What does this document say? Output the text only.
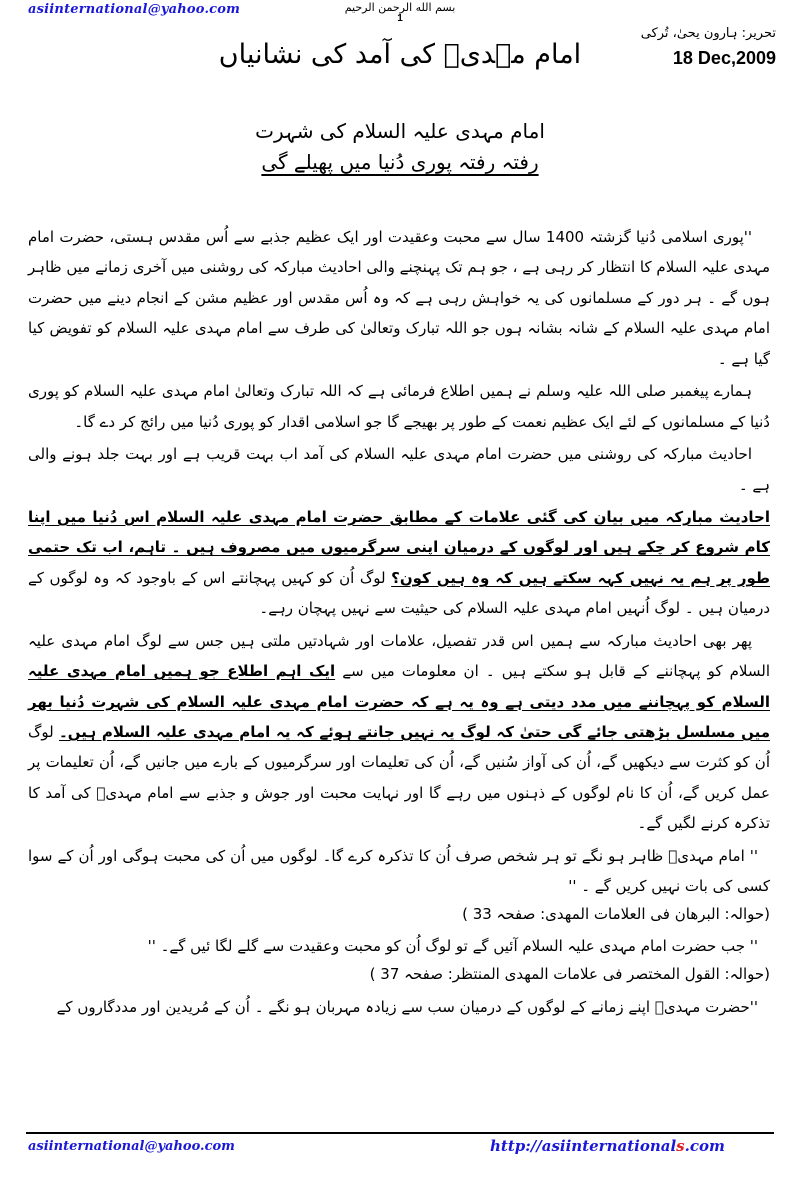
asiinternational@yahoo.com	بسم الله الرحمن الرحيم
1
تحریر: ہارون یحیٰ، تُرکی
18 Dec,2009
امام مہدیؑ کی آمد کی نشانیاں
امام مہدی علیہ السلام کی شہرت
رفتہ رفتہ پوری دُنیا میں پھیلے گی

''پوری اسلامی دُنیا گزشتہ 1400 سال سے محبت وعقیدت اور ایک عظیم جذبے سے اُس مقدس ہستی، حضرت امام مہدی علیہ السلام کا انتظار کر رہی ہے ، جو ہم تک پہنچنے والی احادیث مبارکہ کی روشنی میں آخری زمانے میں ظاہر ہوں گے ۔ ہر دور کے مسلمانوں کی یہ خواہش رہی ہے کہ وہ اُس مقدس اور عظیم مشن کے انجام دینے میں حضرت امام مہدی علیہ السلام کے شانہ بشانہ ہوں جو اللہ تبارک وتعالیٰ کی طرف سے امام مہدی علیہ السلام کو تفویض کیا گیا ہے ۔

ہمارے پیغمبر صلی اللہ علیہ وسلم نے ہمیں اطلاع فرمائی ہے کہ اللہ تبارک وتعالیٰ امام مہدی علیہ السلام کو پوری دُنیا کے مسلمانوں کے لئے ایک عظیم نعمت کے طور پر بھیجے گا جو اسلامی اقدار کو پوری دُنیا میں رائج کر دے گا۔

احادیث مبارکہ کی روشنی میں حضرت امام مہدی علیہ السلام کی آمد اب بہت قریب ہے اور بہت جلد ہونے والی ہے ۔

احادیث مبارکہ میں بیان کی گئی علامات کے مطابق حضرت امام مہدی علیہ السلام اس دُنیا میں اپنا کام شروع کر چکے ہیں اور لوگوں کے درمیان اپنی سرگرمیوں میں مصروف ہیں ۔ تاہم، اب تک حتمی طور پر ہم یہ نہیں کہہ سکتے ہیں کہ وہ ہیں کون؟ لوگ اُن کو کہیں پہچانتے اس کے باوجود کہ وہ لوگوں کے درمیان ہیں ۔ لوگ اُنہیں امام مہدی علیہ السلام کی حیثیت سے نہیں پہچان رہے۔

پھر بھی احادیث مبارکہ سے ہمیں اس قدر تفصیل، علامات اور شہادتیں ملتی ہیں جس سے لوگ امام مہدی علیہ السلام کو پہچاننے کے قابل ہو سکتے ہیں ۔ ان معلومات میں سے ایک اہم اطلاع جو ہمیں امام مہدی علیہ السلام کو پہچاننے میں مدد دیتی ہے وہ یہ ہے کہ حضرت امام مہدی علیہ السلام کی شہرت دُنیا بھر میں مسلسل بڑھتی جائے گی حتیٰ کہ لوگ یہ نہیں جانتے ہوئے کہ یہ امام مہدی علیہ السلام ہیں۔ لوگ اُن کو کثرت سے دیکھیں گے، اُن کی آواز سُنیں گے، اُن کی تعلیمات اور سرگرمیوں کے بارے میں جانیں گے، اُن تعلیمات پر عمل کریں گے، اُن کا نام لوگوں کے ذہنوں میں رہے گا اور نہایت محبت اور جوش و جذبے سے امام مہدیؑ کی آمد کا تذکرہ کرنے لگیں گے۔

'' امام مہدیؑ ظاہر ہو نگے تو ہر شخص صرف اُن کا تذکرہ کرے گا۔ لوگوں میں اُن کی محبت ہوگی اور اُن کے سوا کسی کی بات نہیں کریں گے ۔ ''

(حوالہ: البرهان فی العلامات المهدی: صفحہ 33 )

'' جب حضرت امام مہدی علیہ السلام آئیں گے تو لوگ اُن کو محبت وعقیدت سے گلے لگا ئیں گے۔ ''

(حوالہ: القول المختصر فی علامات المهدی المنتظر: صفحہ 37 )

''حضرت مہدیؑ اپنے زمانے کے لوگوں کے درمیان سب سے زیادہ مہربان ہو نگے ۔ اُن کے مُریدین اور مددگاروں کے

asiinternational@yahoo.com	http://asiinternationals.com
